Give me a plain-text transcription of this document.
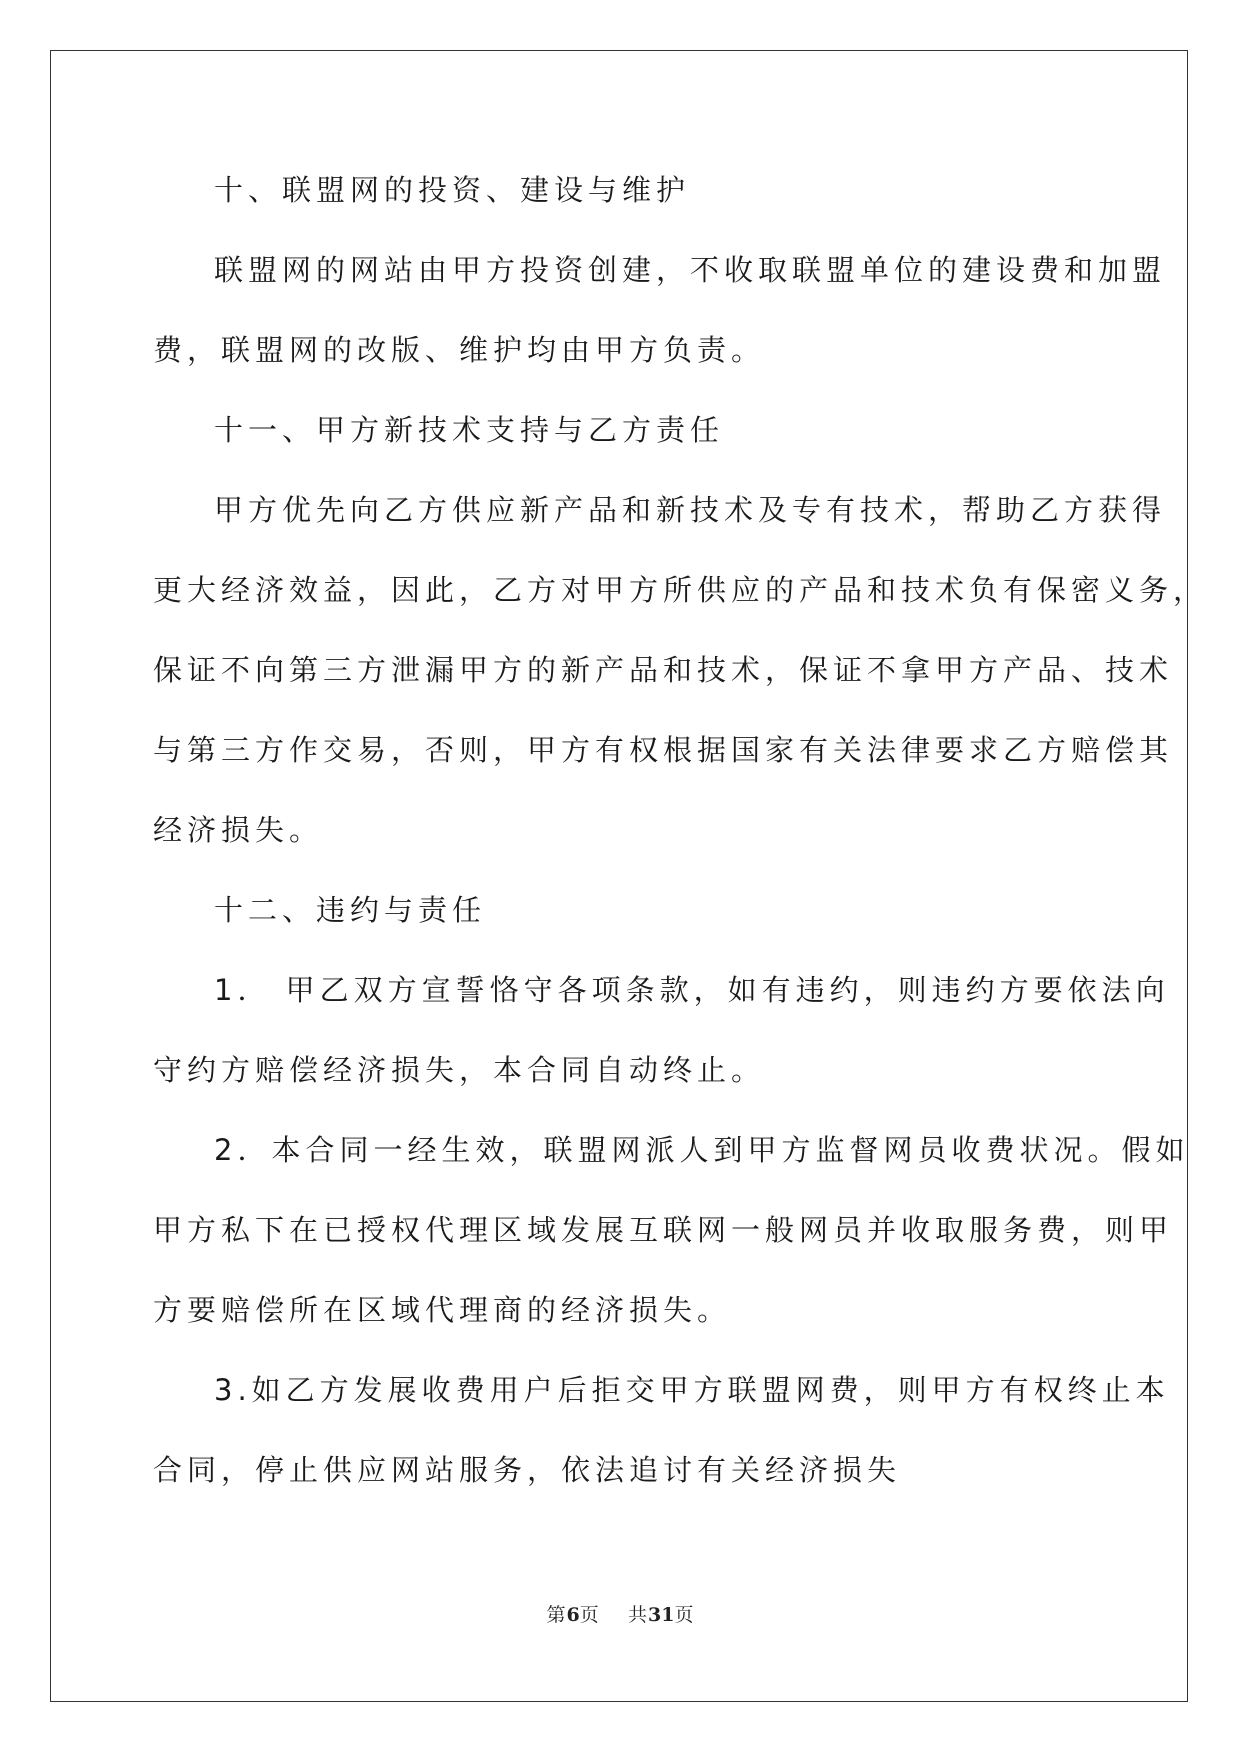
十、联盟网的投资、建设与维护
联盟网的网站由甲方投资创建，不收取联盟单位的建设费和加盟
费，联盟网的改版、维护均由甲方负责。
十一、甲方新技术支持与乙方责任
甲方优先向乙方供应新产品和新技术及专有技术，帮助乙方获得
更大经济效益，因此，乙方对甲方所供应的产品和技术负有保密义务，
保证不向第三方泄漏甲方的新产品和技术，保证不拿甲方产品、技术
与第三方作交易，否则，甲方有权根据国家有关法律要求乙方赔偿其
经济损失。
十二、违约与责任
1． 甲乙双方宣誓恪守各项条款，如有违约，则违约方要依法向
守约方赔偿经济损失，本合同自动终止。
2．本合同一经生效，联盟网派人到甲方监督网员收费状况。假如
甲方私下在已授权代理区域发展互联网一般网员并收取服务费，则甲
方要赔偿所在区域代理商的经济损失。
3.如乙方发展收费用户后拒交甲方联盟网费，则甲方有权终止本
合同，停止供应网站服务，依法追讨有关经济损失
第6页 共31页
